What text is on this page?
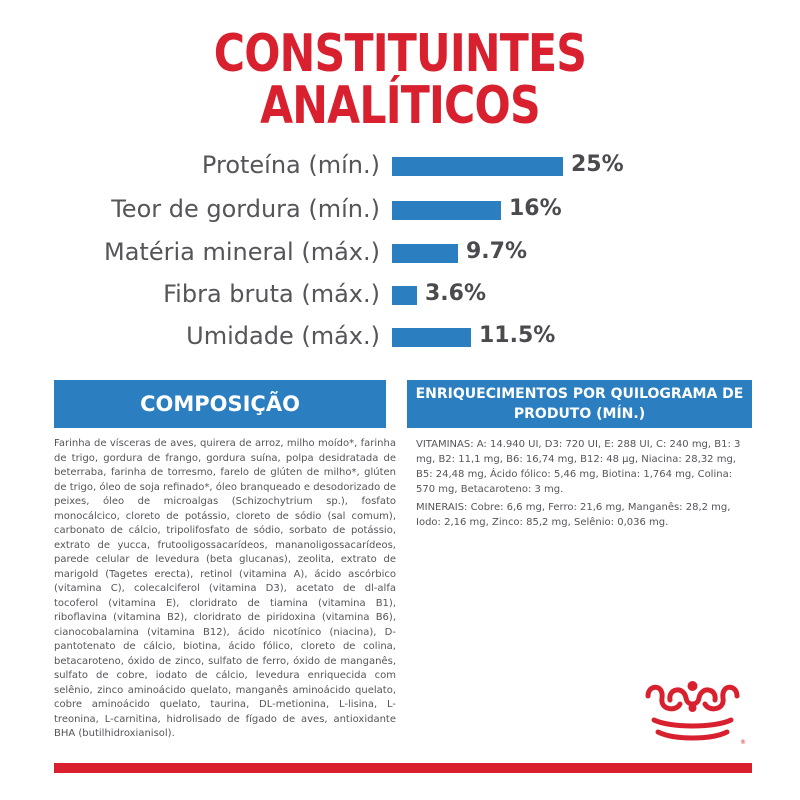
CONSTITUINTES ANALÍTICOS
Proteína (mín.)	25%
Teor de gordura (mín.)	16%
Matéria mineral (máx.)	9.7%
Fibra bruta (máx.) 3.6%
Umidade (máx.)	11.5%
COMPOSIÇÃO	ENRIQUECIMENTOS POR QUILOGRAMA DE PRODUTO (MÍN.)

Farinha de vísceras de aves, quirera de arroz, milho moído*, farinha de trigo, gordura de frango, gordura suína, polpa desidratada de beterraba, farinha de torresmo, farelo de glúten de milho*, glúten de trigo, óleo de soja refinado*, óleo branqueado e desodorizado de peixes, óleo de microalgas (Schizochytrium sp.), fosfato monocálcico, cloreto de potássio, cloreto de sódio (sal comum), carbonato de cálcio, tripolifosfato de sódio, sorbato de potássio, extrato de yucca, frutooligossacarídeos, mananoligossacarídeos, parede celular de levedura (beta glucanas), zeolita, extrato de marigold (Tagetes erecta), retinol (vitamina A), ácido ascórbico (vitamina C), colecalciferol (vitamina D3), acetato de dl-alfa tocoferol (vitamina E), cloridrato de tiamina (vitamina B1), riboflavina (vitamina B2), cloridrato de piridoxina (vitamina B6), cianocobalamina (vitamina B12), ácido nicotínico (niacina), D-pantotenato de cálcio, biotina, ácido fólico, cloreto de colina, betacaroteno, óxido de zinco, sulfato de ferro, óxido de manganês, sulfato de cobre, iodato de cálcio, levedura enriquecida com selênio, zinco aminoácido quelato, manganês aminoácido quelato, cobre aminoácido quelato, taurina, DL-metionina, L-lisina, L-treonina, L-carnitina, hidrolisado de fígado de aves, antioxidante BHA (butilhidroxianisol).

VITAMINAS: A: 14.940 UI, D3: 720 UI, E: 288 UI, C: 240 mg, B1: 3 mg, B2: 11,1 mg, B6: 16,74 mg, B12: 48 µg, Niacina: 28,32 mg, B5: 24,48 mg, Ácido fólico: 5,46 mg, Biotina: 1,764 mg, Colina: 570 mg, Betacaroteno: 3 mg.

MINERAIS: Cobre: 6,6 mg, Ferro: 21,6 mg, Manganês: 28,2 mg, Iodo: 2,16 mg, Zinco: 85,2 mg, Selênio: 0,036 mg.

®
